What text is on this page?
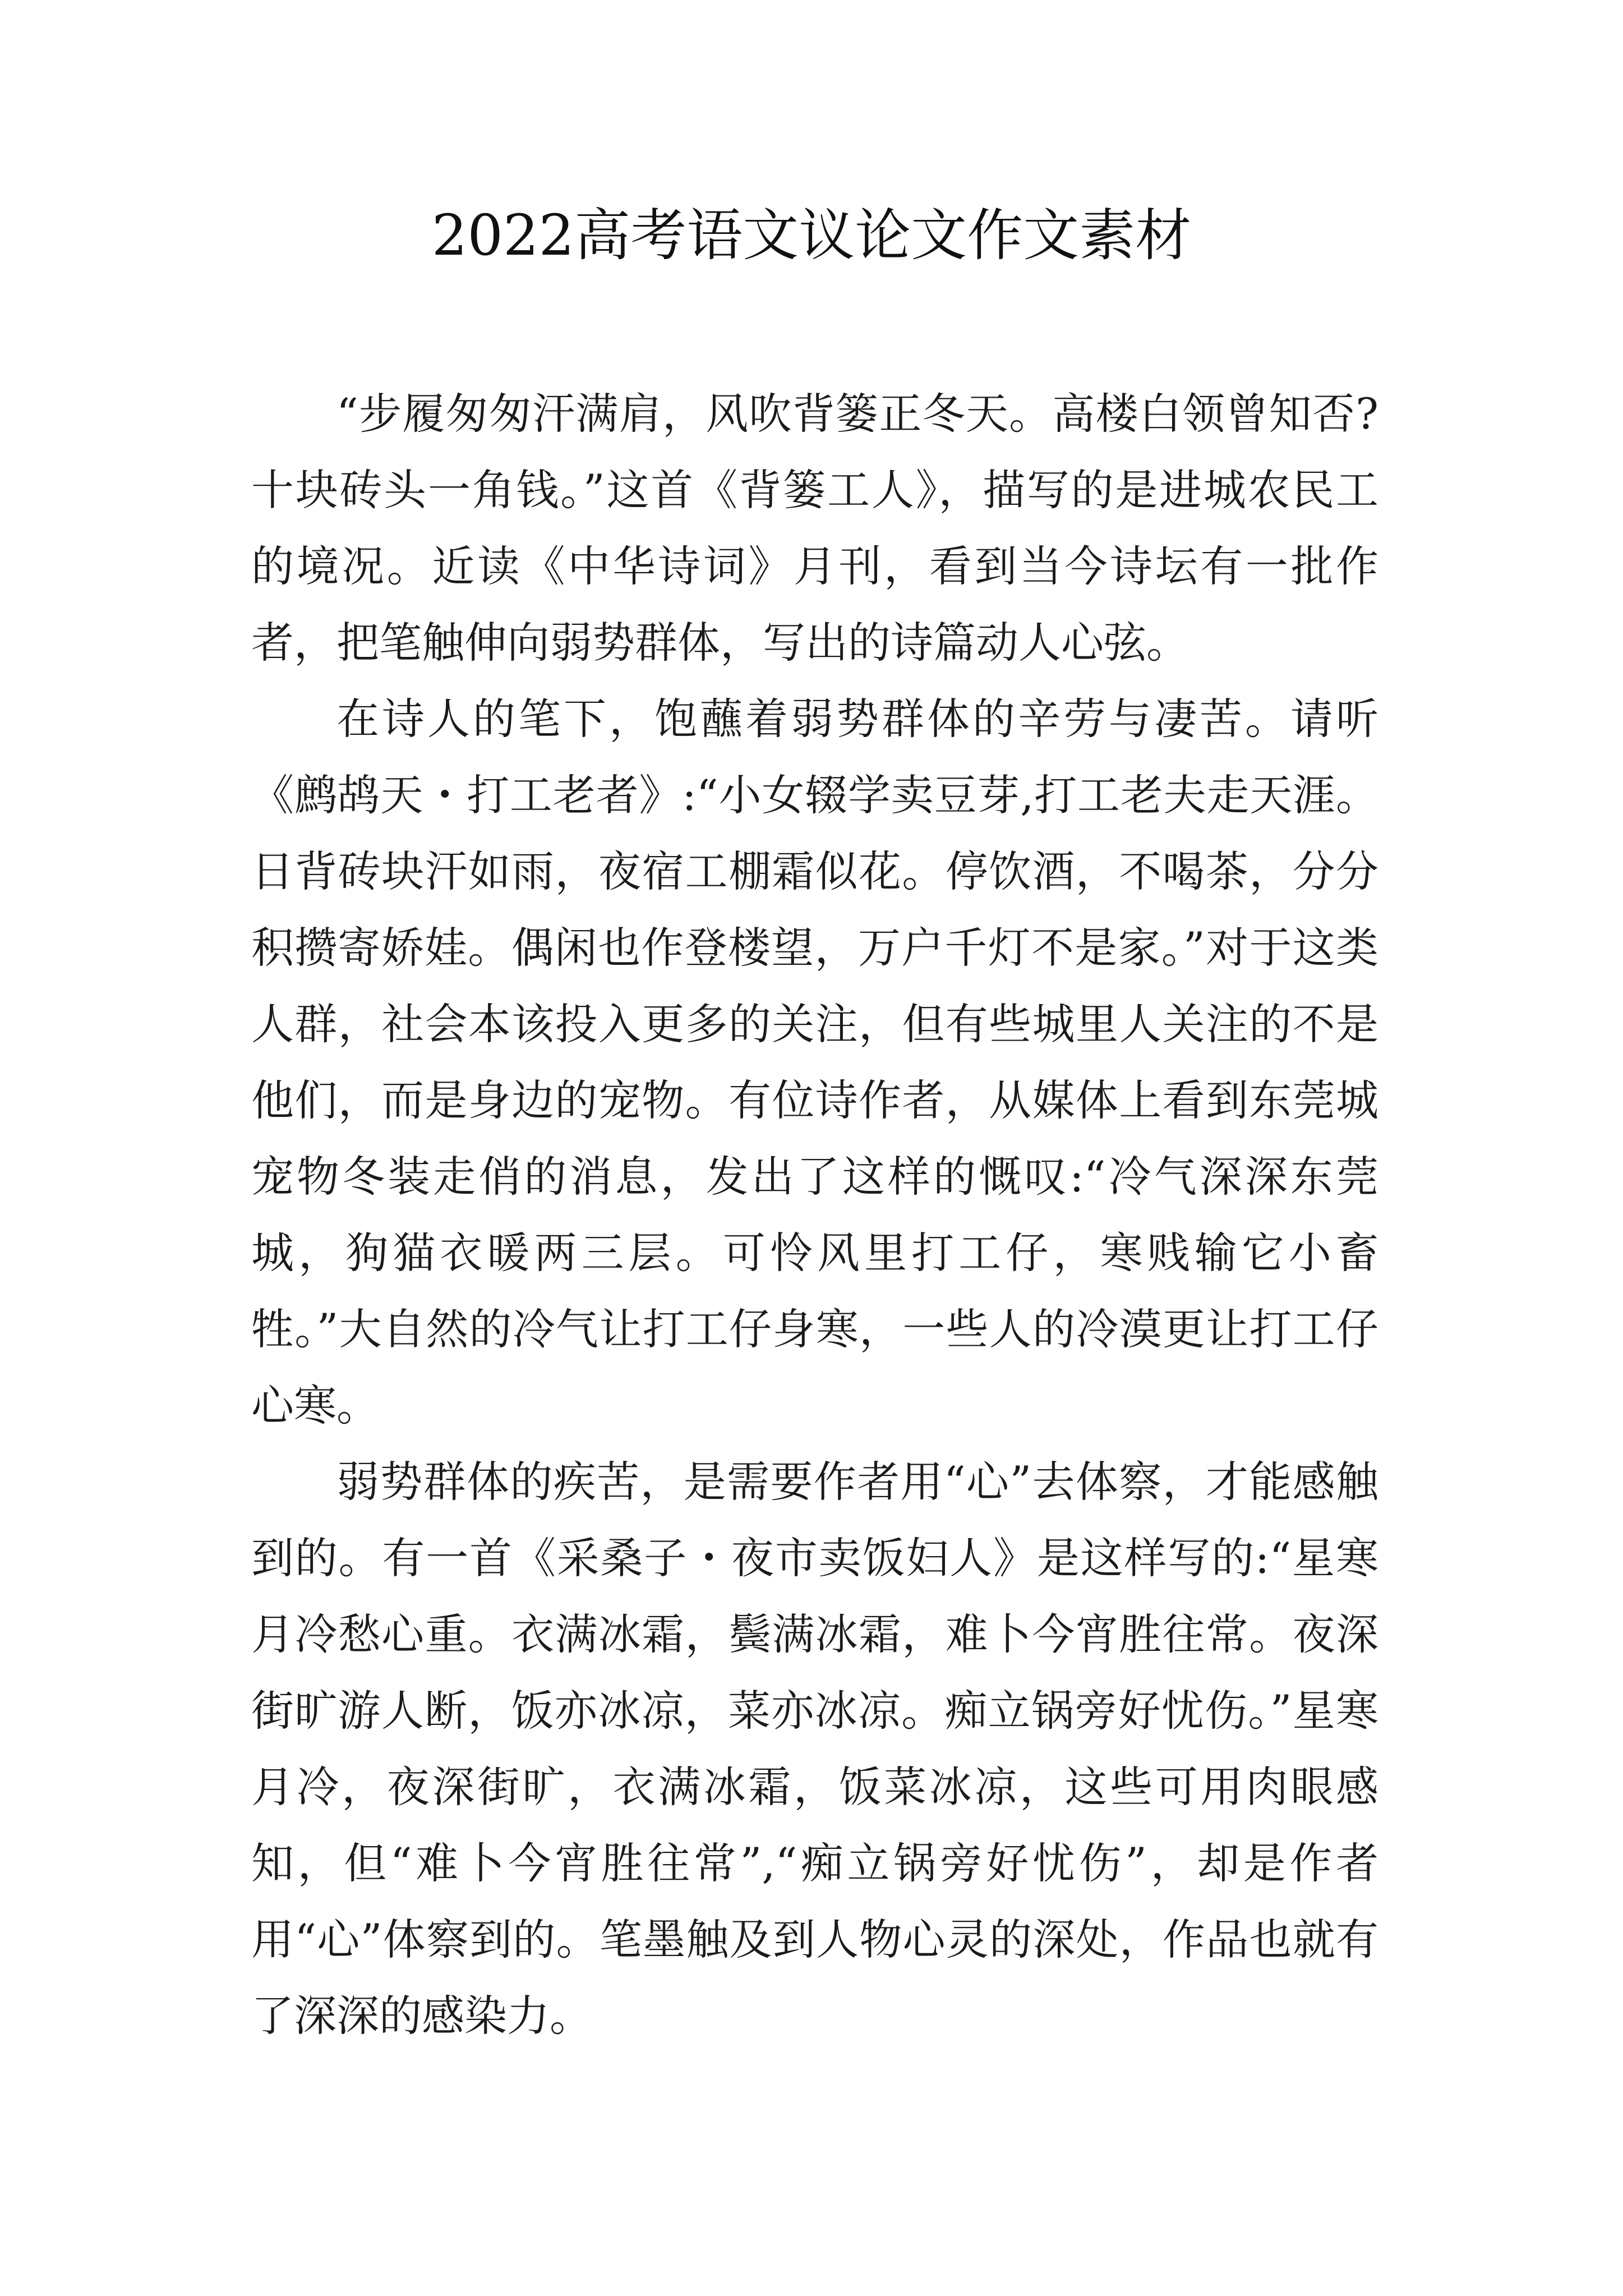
2022高考语文议论文作文素材

“步履匆匆汗满肩，风吹背篓正冬天。高楼白领曾知否?十块砖头一角钱。”这首《背篓工人》，描写的是进城农民工的境况。近读《中华诗词》月刊，看到当今诗坛有一批作者，把笔触伸向弱势群体，写出的诗篇动人心弦。

在诗人的笔下，饱蘸着弱势群体的辛劳与凄苦。请听《鹧鸪天・打工老者》:“小女辍学卖豆芽,打工老夫走天涯。日背砖块汗如雨，夜宿工棚霜似花。停饮酒，不喝茶，分分积攒寄娇娃。偶闲也作登楼望，万户千灯不是家。”对于这类人群，社会本该投入更多的关注，但有些城里人关注的不是他们，而是身边的宠物。有位诗作者，从媒体上看到东莞城宠物冬装走俏的消息，发出了这样的慨叹:“冷气深深东莞城，狗猫衣暖两三层。可怜风里打工仔，寒贱输它小畜牲。”大自然的冷气让打工仔身寒，一些人的冷漠更让打工仔心寒。

弱势群体的疾苦，是需要作者用“心”去体察，才能感触到的。有一首《采桑子・夜市卖饭妇人》是这样写的:“星寒月冷愁心重。衣满冰霜，鬓满冰霜，难卜今宵胜往常。夜深街旷游人断，饭亦冰凉，菜亦冰凉。痴立锅旁好忧伤。”星寒月冷，夜深街旷，衣满冰霜，饭菜冰凉，这些可用肉眼感知，但“难卜今宵胜往常”,“痴立锅旁好忧伤”，却是作者用“心”体察到的。笔墨触及到人物心灵的深处，作品也就有了深深的感染力。
